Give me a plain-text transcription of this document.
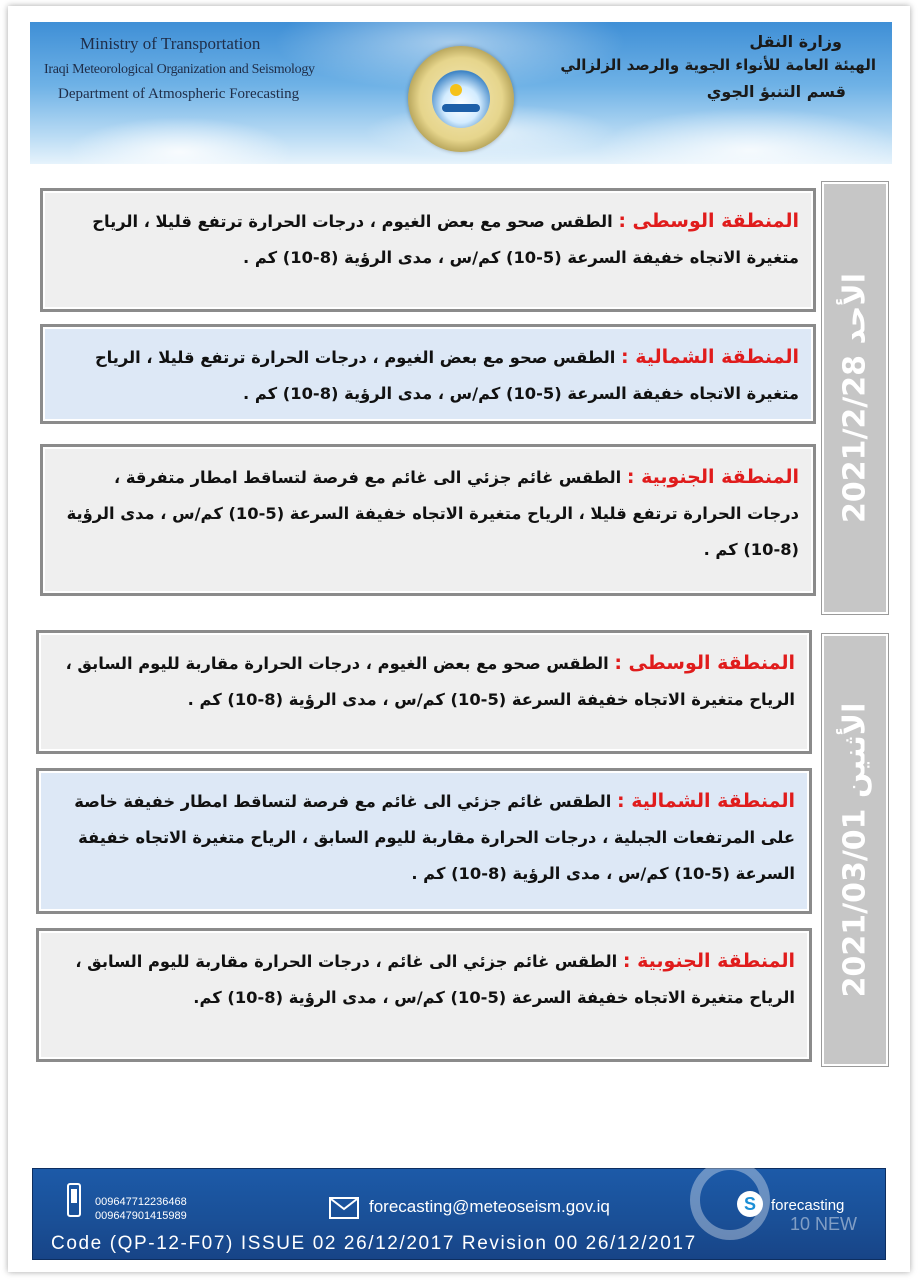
Ministry of Transportation
Iraqi Meteorological Organization and Seismology
Department of Atmospheric Forecasting
وزارة النقل
الهيئة العامة للأنواء الجوية والرصد الزلزالي
قسم التنبؤ الجوي
الأحد 2021/2/28
المنطقة الوسطى : الطقس صحو مع بعض الغيوم ، درجات الحرارة ترتفع قليلا ، الرياح متغيرة الاتجاه خفيفة السرعة (5-10) كم/س ، مدى الرؤية (8-10) كم .
المنطقة الشمالية : الطقس صحو مع بعض الغيوم ، درجات الحرارة ترتفع قليلا ، الرياح متغيرة الاتجاه خفيفة السرعة (5-10) كم/س ، مدى الرؤية (8-10) كم .
المنطقة الجنوبية : الطقس غائم جزئي الى غائم مع فرصة لتساقط امطار متفرقة ، درجات الحرارة ترتفع قليلا ، الرياح متغيرة الاتجاه خفيفة السرعة (5-10) كم/س ، مدى الرؤية (8-10) كم .
الأثنين 2021/03/01
المنطقة الوسطى : الطقس صحو مع بعض الغيوم ، درجات الحرارة مقاربة لليوم السابق ، الرياح متغيرة الاتجاه خفيفة السرعة (5-10) كم/س ، مدى الرؤية (8-10) كم .
المنطقة الشمالية : الطقس غائم جزئي الى غائم مع فرصة لتساقط امطار خفيفة خاصة على المرتفعات الجبلية ، درجات الحرارة مقاربة لليوم السابق ، الرياح متغيرة الاتجاه خفيفة السرعة (5-10) كم/س ، مدى الرؤية (8-10) كم .
المنطقة الجنوبية : الطقس غائم جزئي الى غائم ، درجات الحرارة مقاربة لليوم السابق ، الرياح متغيرة الاتجاه خفيفة السرعة (5-10) كم/س ، مدى الرؤية (8-10) كم.
009647712236468
009647901415989	forecasting@meteoseism.gov.iq	S	forecasting
Code (QP-12-F07) ISSUE 02 26/12/2017 Revision 00 26/12/2017
10 NEW
